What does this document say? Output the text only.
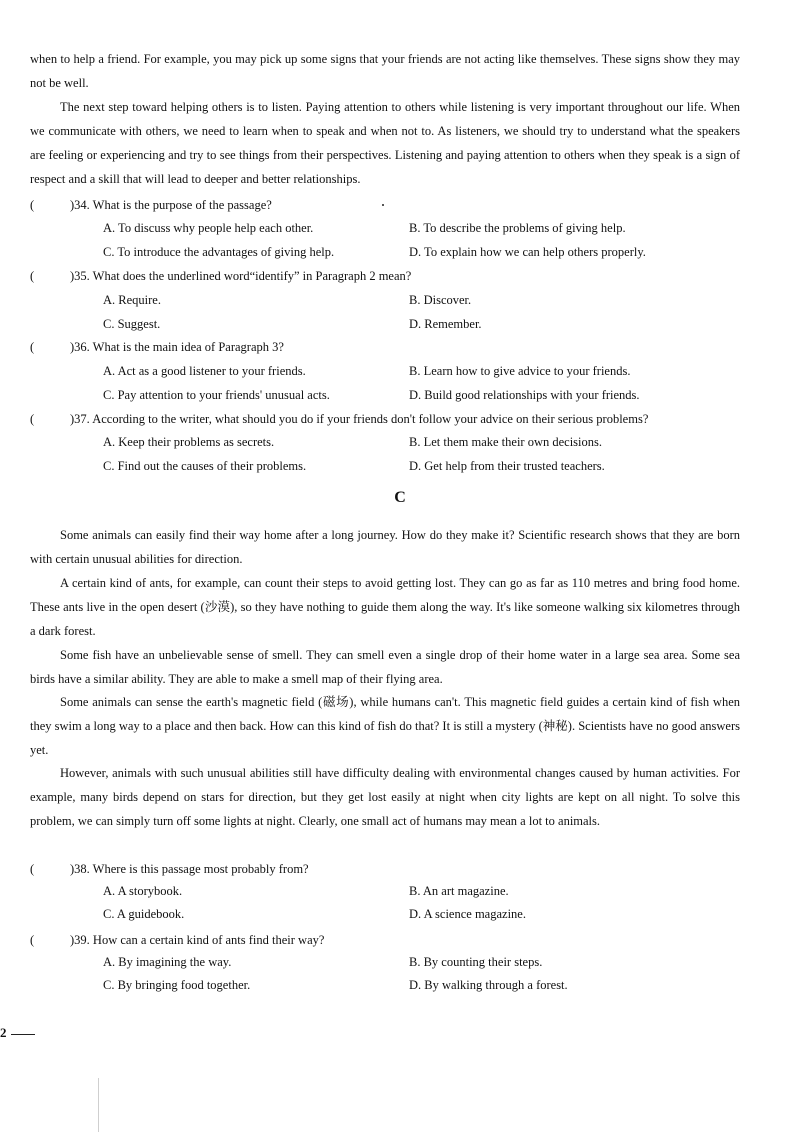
when to help a friend. For example, you may pick up some signs that your friends are not acting like themselves. These signs show they may not be well.
The next step toward helping others is to listen. Paying attention to others while listening is very important throughout our life. When we communicate with others, we need to learn when to speak and when not to. As listeners, we should try to understand what the speakers are feeling or experiencing and try to see things from their perspectives. Listening and paying attention to others when they speak is a sign of respect and a skill that will lead to deeper and better relationships.
(	)34. What is the purpose of the passage?
A. To discuss why people help each other.	B. To describe the problems of giving help.
C. To introduce the advantages of giving help.	D. To explain how we can help others properly.
(	)35. What does the underlined word“identify” in Paragraph 2 mean?
A. Require.	B. Discover.
C. Suggest.	D. Remember.
(	)36. What is the main idea of Paragraph 3?
A. Act as a good listener to your friends.	B. Learn how to give advice to your friends.
C. Pay attention to your friends' unusual acts.	D. Build good relationships with your friends.
(	)37. According to the writer, what should you do if your friends don't follow your advice on their serious problems?
A. Keep their problems as secrets.	B. Let them make their own decisions.
C. Find out the causes of their problems.	D. Get help from their trusted teachers.
C
Some animals can easily find their way home after a long journey. How do they make it? Scientific research shows that they are born with certain unusual abilities for direction.
A certain kind of ants, for example, can count their steps to avoid getting lost. They can go as far as 110 metres and bring food home. These ants live in the open desert (沙漠), so they have nothing to guide them along the way. It's like someone walking six kilometres through a dark forest.
Some fish have an unbelievable sense of smell. They can smell even a single drop of their home water in a large sea area. Some sea birds have a similar ability. They are able to make a smell map of their flying area.
Some animals can sense the earth's magnetic field (磁场), while humans can't. This magnetic field guides a certain kind of fish when they swim a long way to a place and then back. How can this kind of fish do that? It is still a mystery (神秘). Scientists have no good answers yet.
However, animals with such unusual abilities still have difficulty dealing with environmental changes caused by human activities. For example, many birds depend on stars for direction, but they get lost easily at night when city lights are kept on all night. To solve this problem, we can simply turn off some lights at night. Clearly, one small act of humans may mean a lot to animals.
(	)38. Where is this passage most probably from?
A. A storybook.	B. An art magazine.
C. A guidebook.	D. A science magazine.
(	)39. How can a certain kind of ants find their way?
A. By imagining the way.	B. By counting their steps.
C. By bringing food together.	D. By walking through a forest.
2
